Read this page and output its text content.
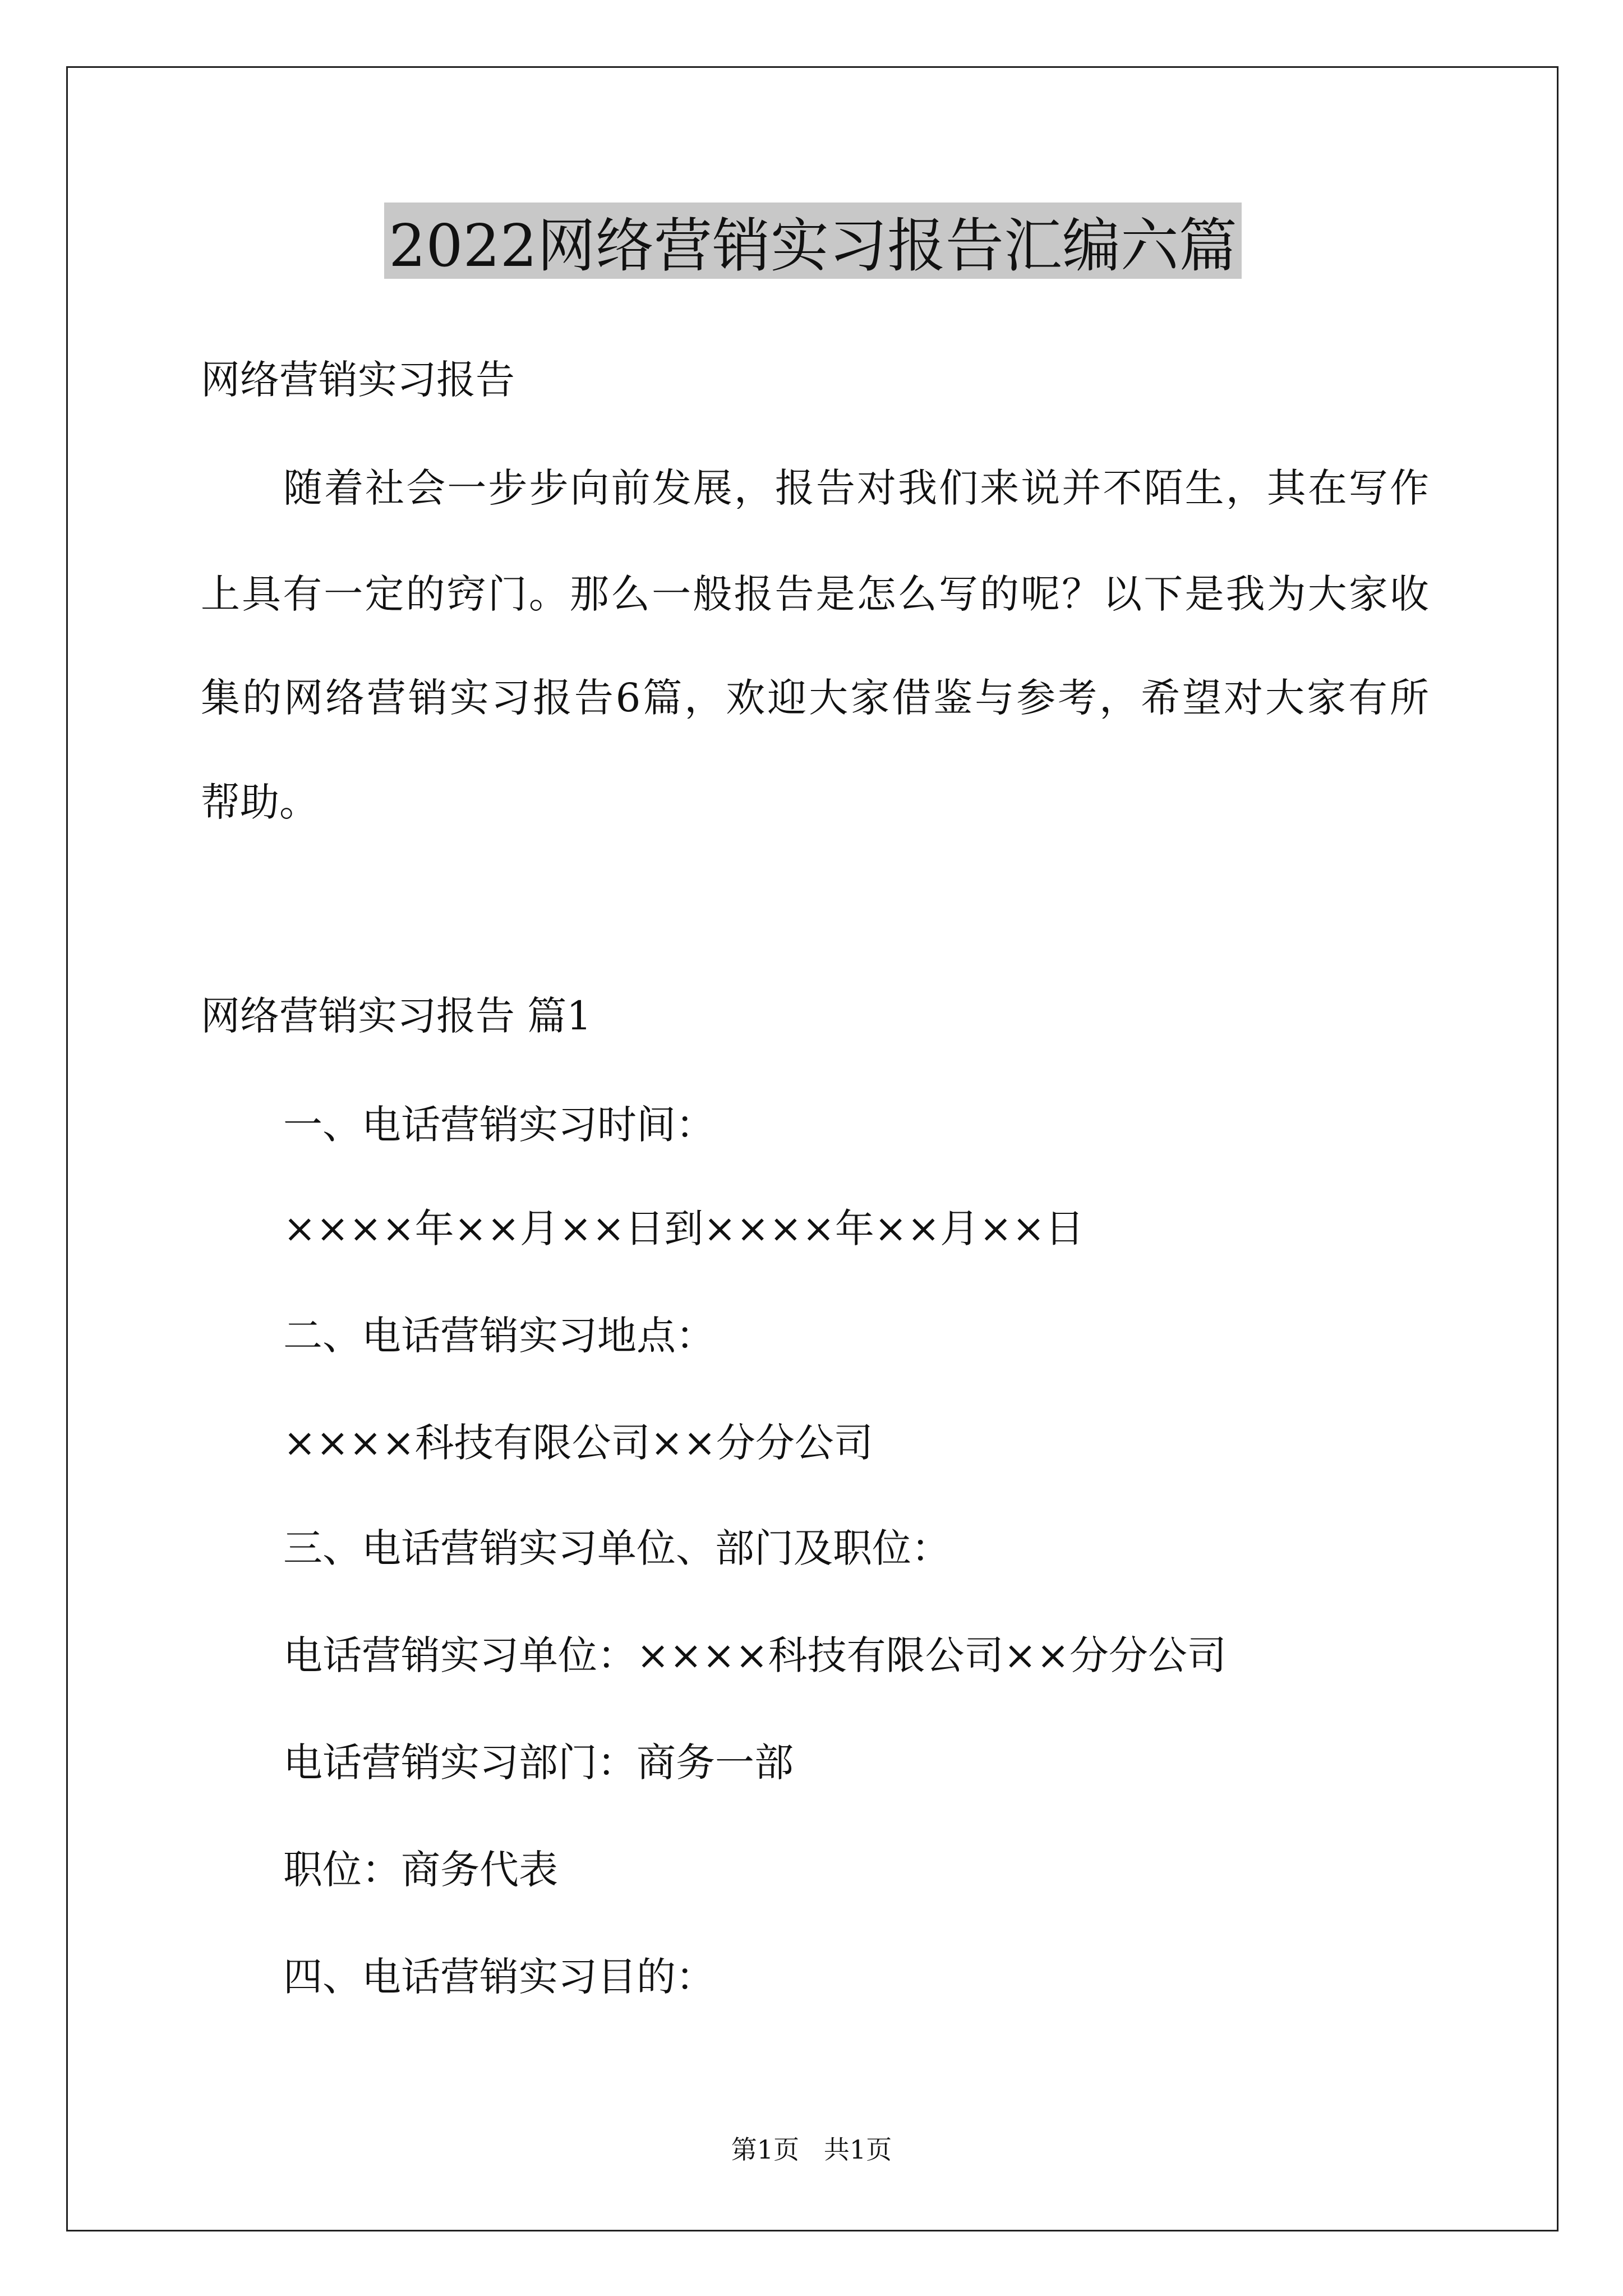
2022网络营销实习报告汇编六篇
网络营销实习报告
随着社会一步步向前发展，报告对我们来说并不陌生，其在写作
上具有一定的窍门。那么一般报告是怎么写的呢？以下是我为大家收
集的网络营销实习报告6篇，欢迎大家借鉴与参考，希望对大家有所
帮助。
网络营销实习报告 篇1
一、电话营销实习时间：
××××年××月××日到××××年××月××日
二、电话营销实习地点：
××××科技有限公司××分分公司
三、电话营销实习单位、部门及职位：
电话营销实习单位：××××科技有限公司××分分公司
电话营销实习部门：商务一部
职位：商务代表
四、电话营销实习目的：
第1页   共1页
